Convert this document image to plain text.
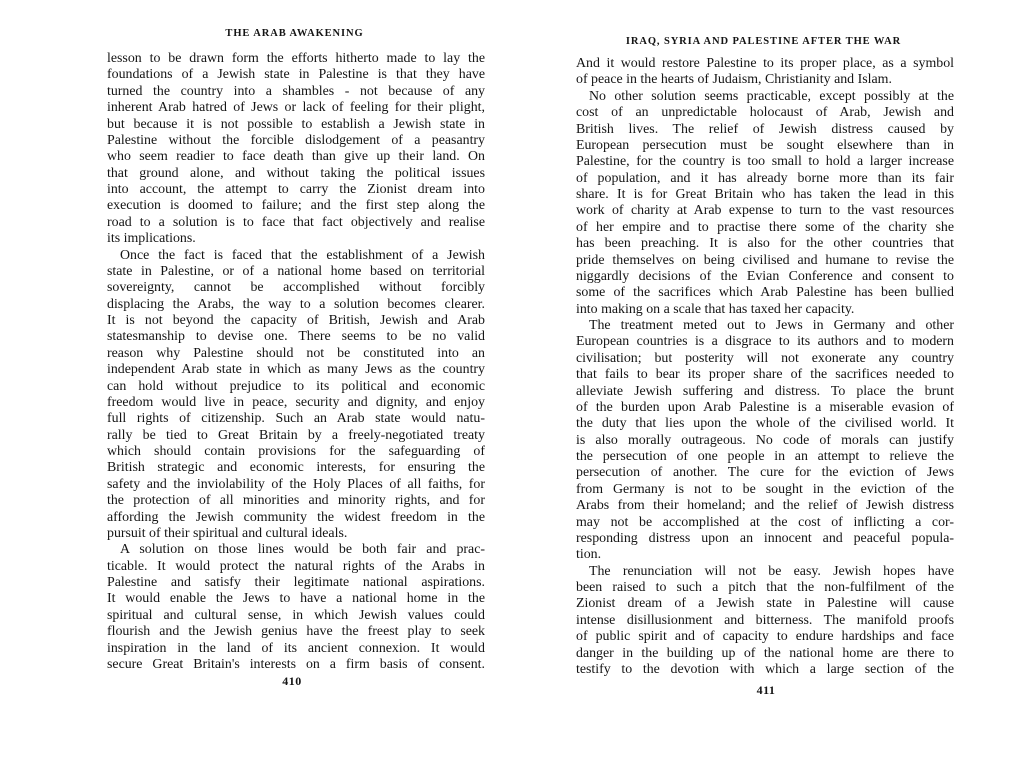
THE ARAB AWAKENING
lesson to be drawn form the efforts hitherto made to lay the
foundations of a Jewish state in Palestine is that they have
turned the country into a shambles - not because of any
inherent Arab hatred of Jews or lack of feeling for their plight,
but because it is not possible to establish a Jewish state in
Palestine without the forcible dislodgement of a peasantry
who seem readier to face death than give up their land. On
that ground alone, and without taking the political issues
into account, the attempt to carry the Zionist dream into
execution is doomed to failure; and the first step along the
road to a solution is to face that fact objectively and realise
its implications.
Once the fact is faced that the establishment of a Jewish
state in Palestine, or of a national home based on territorial
sovereignty, cannot be accomplished without forcibly
displacing the Arabs, the way to a solution becomes clearer.
It is not beyond the capacity of British, Jewish and Arab
statesmanship to devise one. There seems to be no valid
reason why Palestine should not be constituted into an
independent Arab state in which as many Jews as the country
can hold without prejudice to its political and economic
freedom would live in peace, security and dignity, and enjoy
full rights of citizenship. Such an Arab state would natu-
rally be tied to Great Britain by a freely-negotiated treaty
which should contain provisions for the safeguarding of
British strategic and economic interests, for ensuring the
safety and the inviolability of the Holy Places of all faiths, for
the protection of all minorities and minority rights, and for
affording the Jewish community the widest freedom in the
pursuit of their spiritual and cultural ideals.
A solution on those lines would be both fair and prac-
ticable. It would protect the natural rights of the Arabs in
Palestine and satisfy their legitimate national aspirations.
It would enable the Jews to have a national home in the
spiritual and cultural sense, in which Jewish values could
flourish and the Jewish genius have the freest play to seek
inspiration in the land of its ancient connexion. It would
secure Great Britain's interests on a firm basis of consent.
410
IRAQ, SYRIA AND PALESTINE AFTER THE WAR
And it would restore Palestine to its proper place, as a symbol
of peace in the hearts of Judaism, Christianity and Islam.
No other solution seems practicable, except possibly at the
cost of an unpredictable holocaust of Arab, Jewish and
British lives. The relief of Jewish distress caused by
European persecution must be sought elsewhere than in
Palestine, for the country is too small to hold a larger increase
of population, and it has already borne more than its fair
share. It is for Great Britain who has taken the lead in this
work of charity at Arab expense to turn to the vast resources
of her empire and to practise there some of the charity she
has been preaching. It is also for the other countries that
pride themselves on being civilised and humane to revise the
niggardly decisions of the Evian Conference and consent to
some of the sacrifices which Arab Palestine has been bullied
into making on a scale that has taxed her capacity.
The treatment meted out to Jews in Germany and other
European countries is a disgrace to its authors and to modern
civilisation; but posterity will not exonerate any country
that fails to bear its proper share of the sacrifices needed to
alleviate Jewish suffering and distress. To place the brunt
of the burden upon Arab Palestine is a miserable evasion of
the duty that lies upon the whole of the civilised world. It
is also morally outrageous. No code of morals can justify
the persecution of one people in an attempt to relieve the
persecution of another. The cure for the eviction of Jews
from Germany is not to be sought in the eviction of the
Arabs from their homeland; and the relief of Jewish distress
may not be accomplished at the cost of inflicting a cor-
responding distress upon an innocent and peaceful popula-
tion.
The renunciation will not be easy. Jewish hopes have
been raised to such a pitch that the non-fulfilment of the
Zionist dream of a Jewish state in Palestine will cause
intense disillusionment and bitterness. The manifold proofs
of public spirit and of capacity to endure hardships and face
danger in the building up of the national home are there to
testify to the devotion with which a large section of the
411
